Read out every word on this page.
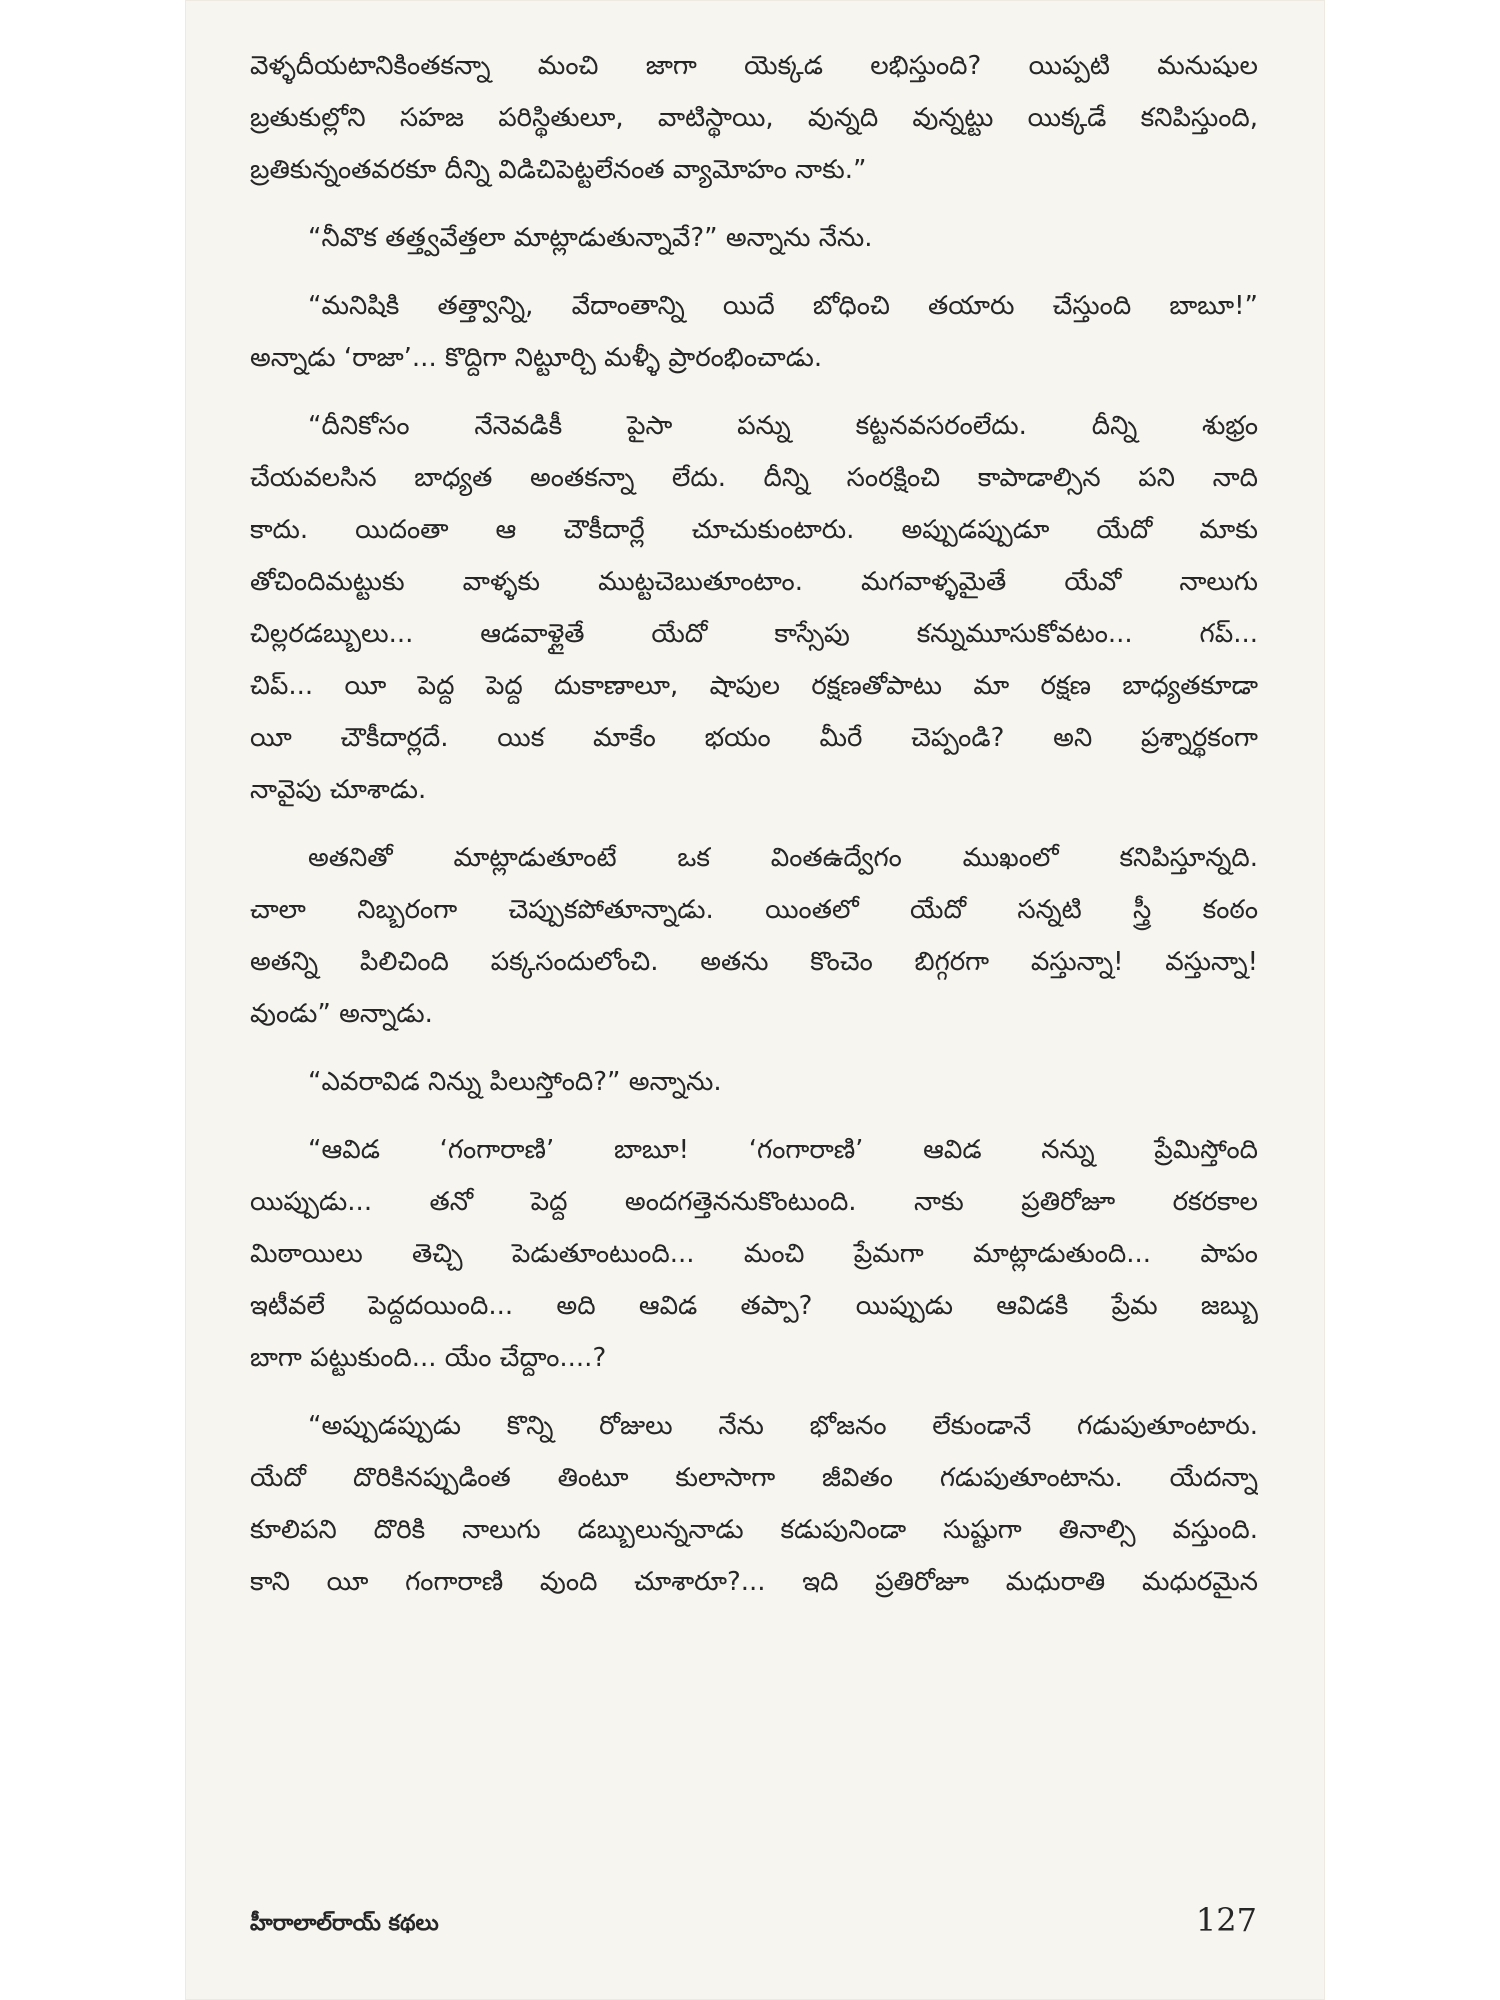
వెళ్ళదీయటానికింతకన్నా మంచి జాగా యెక్కడ లభిస్తుంది? యిప్పటి మనుషుల
బ్రతుకుల్లోని సహజ పరిస్థితులూ, వాటిస్థాయి, వున్నది వున్నట్టు యిక్కడే కనిపిస్తుంది,
బ్రతికున్నంతవరకూ దీన్ని విడిచిపెట్టలేనంత వ్యామోహం నాకు.”
“నీవొక తత్త్వవేత్తలా మాట్లాడుతున్నావే?” అన్నాను నేను.
“మనిషికి తత్త్వాన్ని, వేదాంతాన్ని యిదే బోధించి తయారు చేస్తుంది బాబూ!”
అన్నాడు ‘రాజా’... కొద్దిగా నిట్టూర్చి మళ్ళీ ప్రారంభించాడు.
“దీనికోసం నేనెవడికీ పైసా పన్ను కట్టనవసరంలేదు. దీన్ని శుభ్రం
చేయవలసిన బాధ్యత అంతకన్నా లేదు. దీన్ని సంరక్షించి కాపాడాల్సిన పని నాది
కాదు. యిదంతా ఆ చౌకీదార్లే చూచుకుంటారు. అప్పుడప్పుడూ యేదో మాకు
తోచిందిమట్టుకు వాళ్ళకు ముట్టచెబుతూంటాం. మగవాళ్ళమైతే యేవో నాలుగు
చిల్లరడబ్బులు... ఆడవాళ్లైతే యేదో కాస్సేపు కన్నుమూసుకోవటం... గప్...
చిప్... యీ పెద్ద పెద్ద దుకాణాలూ, షాపుల రక్షణతోపాటు మా రక్షణ బాధ్యతకూడా
యీ చౌకీదార్లదే. యిక మాకేం భయం మీరే చెప్పండి? అని ప్రశ్నార్థకంగా
నావైపు చూశాడు.
అతనితో మాట్లాడుతూంటే ఒక వింతఉద్వేగం ముఖంలో కనిపిస్తూన్నది.
చాలా నిబ్బరంగా చెప్పుకపోతూన్నాడు. యింతలో యేదో సన్నటి స్త్రీ కంఠం
అతన్ని పిలిచింది పక్కసందులోంచి. అతను కొంచెం బిగ్గరగా వస్తున్నా! వస్తున్నా!
వుండు” అన్నాడు.
“ఎవరావిడ నిన్ను పిలుస్తోంది?” అన్నాను.
“ఆవిడ ‘గంగారాణి’ బాబూ! ‘గంగారాణి’ ఆవిడ నన్ను ప్రేమిస్తోంది
యిప్పుడు... తనో పెద్ద అందగత్తెననుకొంటుంది. నాకు ప్రతిరోజూ రకరకాల
మిఠాయిలు తెచ్చి పెడుతూంటుంది... మంచి ప్రేమగా మాట్లాడుతుంది... పాపం
ఇటీవలే పెద్దదయింది... అది ఆవిడ తప్పా? యిప్పుడు ఆవిడకి ప్రేమ జబ్బు
బాగా పట్టుకుంది... యేం చేద్దాం....?
“అప్పుడప్పుడు కొన్ని రోజులు నేను భోజనం లేకుండానే గడుపుతూంటారు.
యేదో దొరికినప్పుడింత తింటూ కులాసాగా జీవితం గడుపుతూంటాను. యేదన్నా
కూలిపని దొరికి నాలుగు డబ్బులున్ననాడు కడుపునిండా సుష్టుగా తినాల్సి వస్తుంది.
కాని యీ గంగారాణి వుంది చూశారూ?... ఇది ప్రతిరోజూ మధురాతి మధురమైన
హీరాలాల్‌రాయ్ కథలు	127
